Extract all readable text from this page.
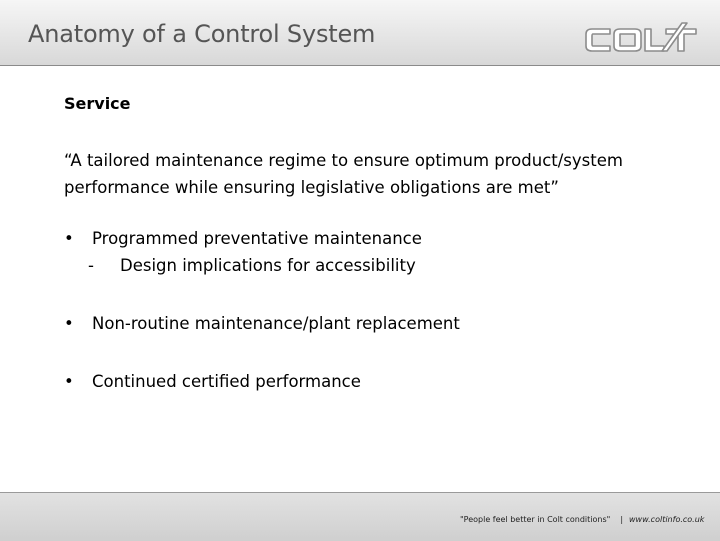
Anatomy of a Control System

Service

“A tailored maintenance regime to ensure optimum product/system performance while ensuring legislative obligations are met”

• Programmed preventative maintenance
- Design implications for accessibility
• Non-routine maintenance/plant replacement
• Continued certified performance
"People feel better in Colt conditions" | www.coltinfo.co.uk
